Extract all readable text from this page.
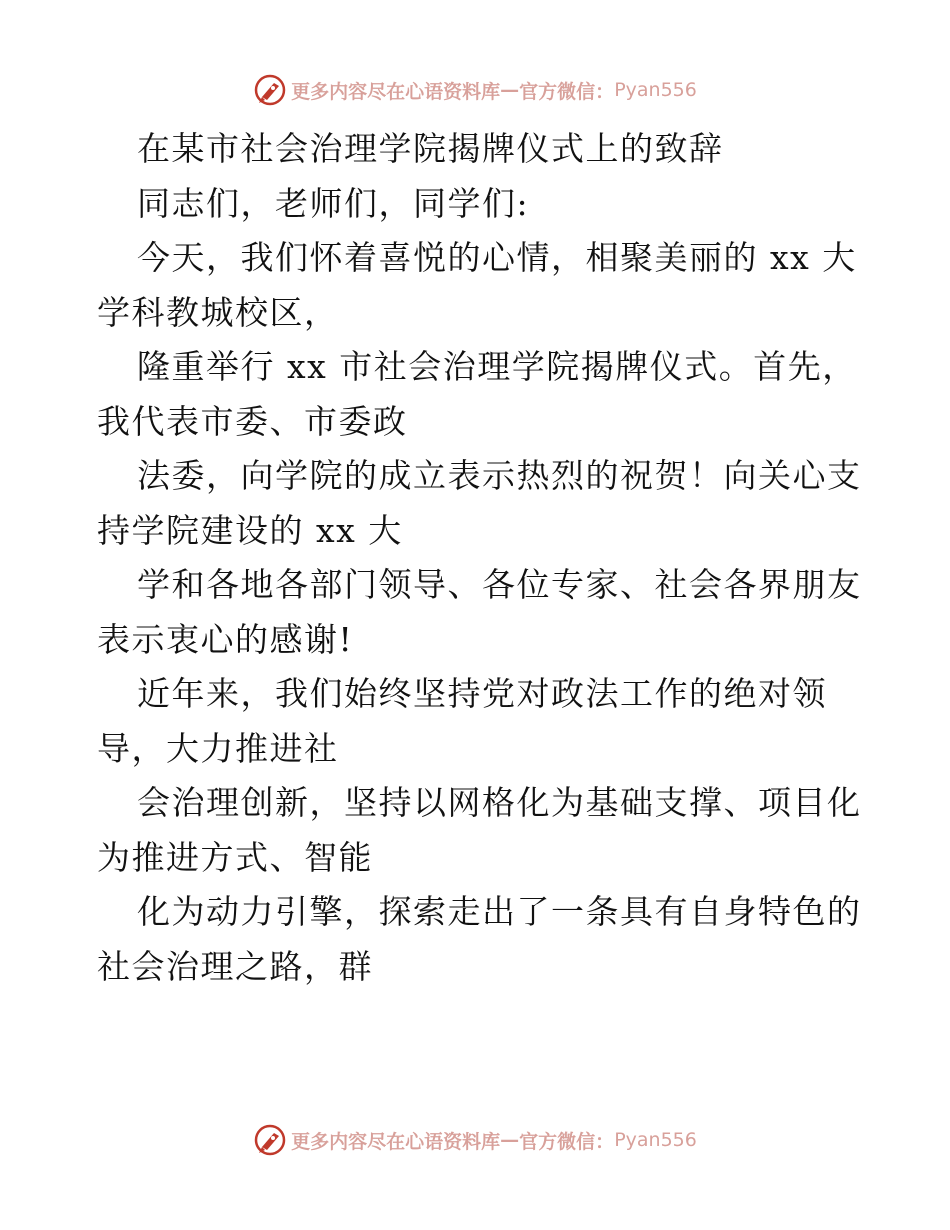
更多内容尽在心语资料库 — 官方微信： Pyan556
在某市社会治理学院揭牌仪式上的致辞
同志们，老师们，同学们:
今天，我们怀着喜悦的心情，相聚美丽的 xx 大
学科教城校区，
隆重举行 xx 市社会治理学院揭牌仪式。首先，
我代表市委、市委政
法委，向学院的成立表示热烈的祝贺！向关心支
持学院建设的 xx 大
学和各地各部门领导、各位专家、社会各界朋友
表示衷心的感谢!
近年来，我们始终坚持党对政法工作的绝对领
导，大力推进社
会治理创新，坚持以网格化为基础支撑、项目化
为推进方式、智能
化为动力引擎，探索走出了一条具有自身特色的
社会治理之路，群
更多内容尽在心语资料库 — 官方微信： Pyan556
